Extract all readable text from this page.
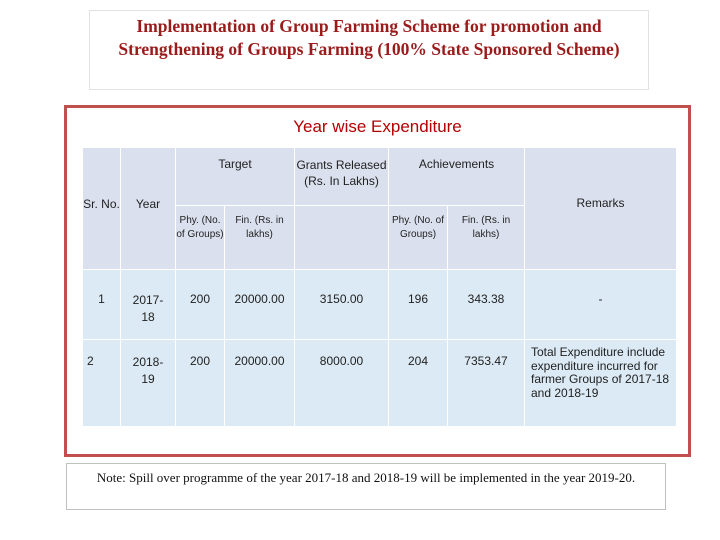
Implementation of Group Farming Scheme for promotion and Strengthening of Groups Farming (100% State Sponsored Scheme)
Year wise Expenditure
Sr. No.	Year	Target		Grants Released (Rs. In Lakhs)	Achievements		Remarks
		Phy. (No. of Groups)	Fin. (Rs. in lakhs)		Phy. (No. of Groups)	Fin. (Rs. in lakhs)	
1	2017-18	200	20000.00	3150.00	196	343.38	-
2	2018-19	200	20000.00	8000.00	204	7353.47	Total Expenditure include expenditure incurred for farmer Groups of 2017-18 and 2018-19
Note: Spill over programme of the year 2017-18 and 2018-19 will be implemented in the year 2019-20.
